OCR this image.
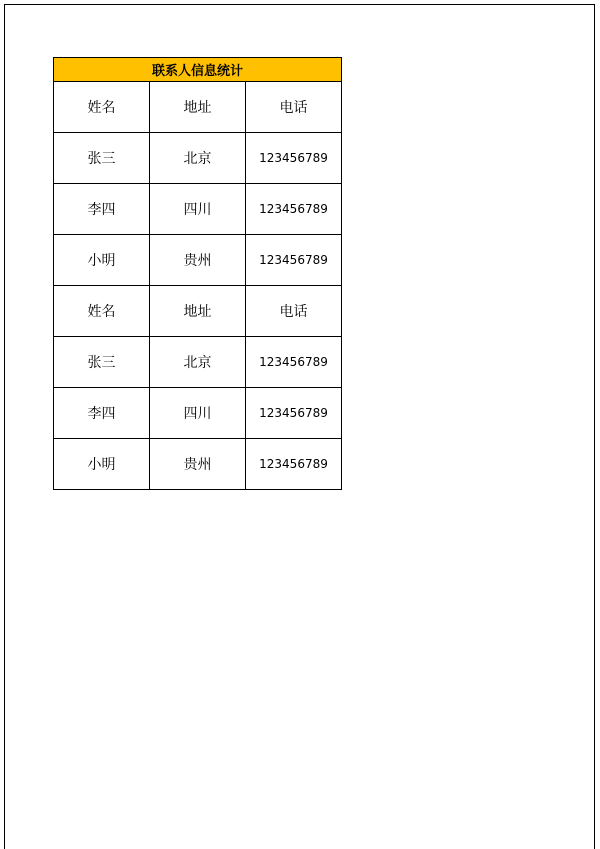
联系人信息统计		
姓名	地址	电话
张三	北京	123456789
李四	四川	123456789
小明	贵州	123456789
姓名	地址	电话
张三	北京	123456789
李四	四川	123456789
小明	贵州	123456789
